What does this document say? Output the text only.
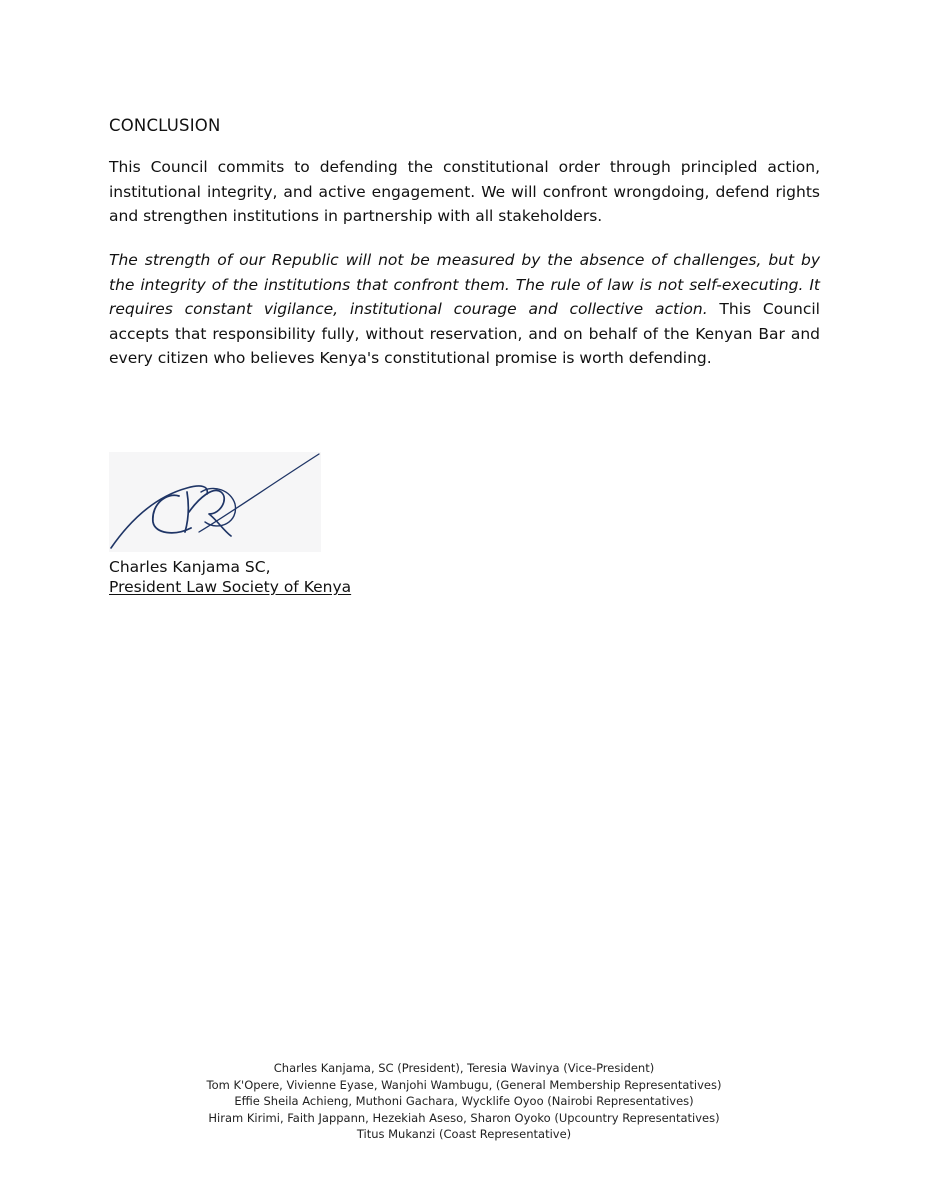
CONCLUSION

This Council commits to defending the constitutional order through principled action, institutional integrity, and active engagement. We will confront wrongdoing, defend rights and strengthen institutions in partnership with all stakeholders.

The strength of our Republic will not be measured by the absence of challenges, but by the integrity of the institutions that confront them. The rule of law is not self-executing. It requires constant vigilance, institutional courage and collective action. This Council accepts that responsibility fully, without reservation, and on behalf of the Kenyan Bar and every citizen who believes Kenya's constitutional promise is worth defending.

Charles Kanjama SC,

President Law Society of Kenya

Charles Kanjama, SC (President), Teresia Wavinya (Vice-President)
Tom K'Opere, Vivienne Eyase, Wanjohi Wambugu, (General Membership Representatives)
Effie Sheila Achieng, Muthoni Gachara, Wycklife Oyoo (Nairobi Representatives)
Hiram Kirimi, Faith Jappann, Hezekiah Aseso, Sharon Oyoko (Upcountry Representatives)
Titus Mukanzi (Coast Representative)
